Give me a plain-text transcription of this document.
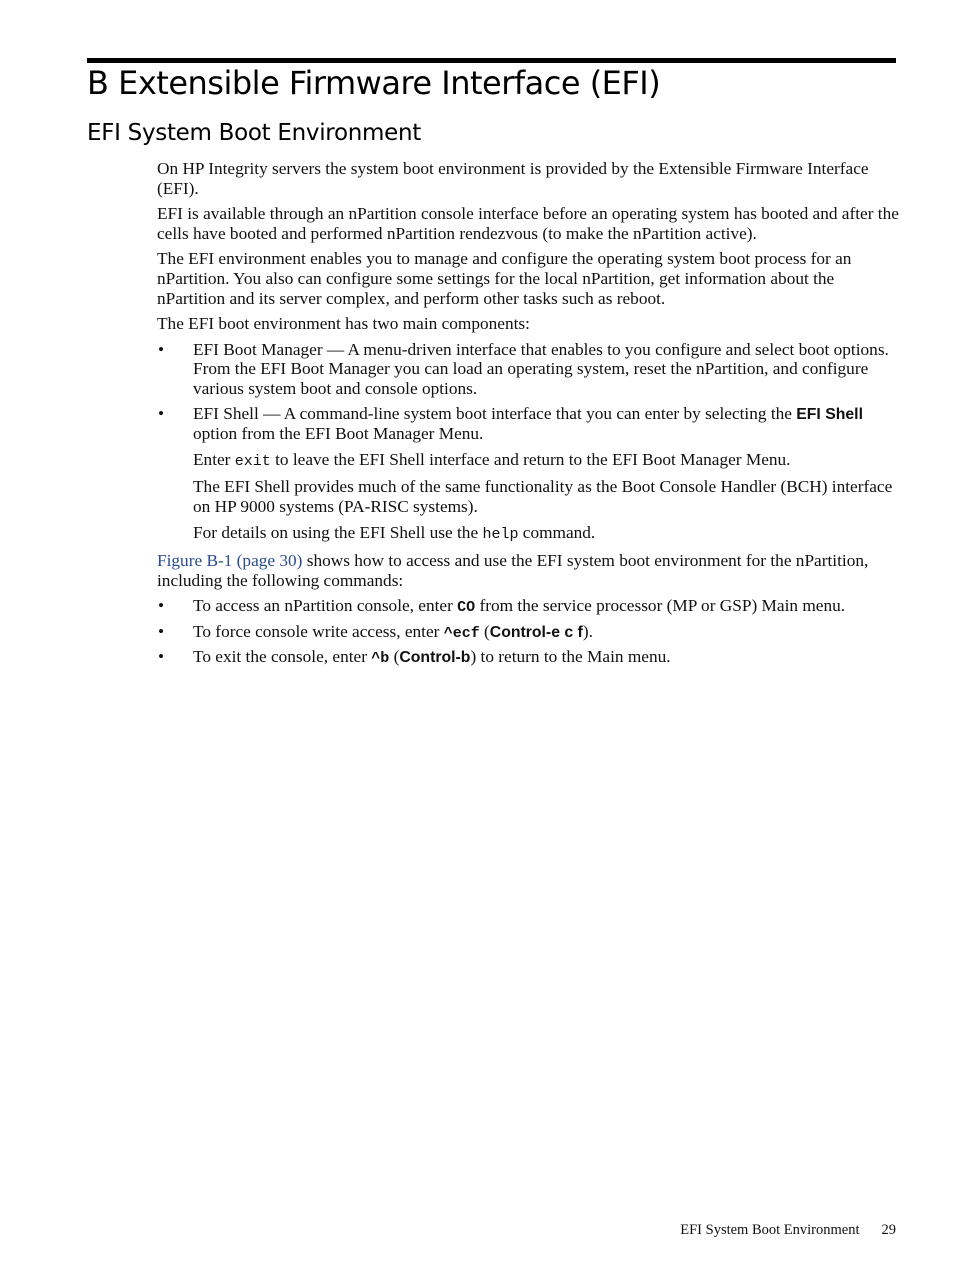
B Extensible Firmware Interface (EFI)
EFI System Boot Environment

On HP Integrity servers the system boot environment is provided by the Extensible Firmware Interface (EFI).

EFI is available through an nPartition console interface before an operating system has booted and after the cells have booted and performed nPartition rendezvous (to make the nPartition active).

The EFI environment enables you to manage and configure the operating system boot process for an nPartition. You also can configure some settings for the local nPartition, get information about the nPartition and its server complex, and perform other tasks such as reboot.

The EFI boot environment has two main components:

• EFI Boot Manager — A menu-driven interface that enables to you configure and select boot options. From the EFI Boot Manager you can load an operating system, reset the nPartition, and configure various system boot and console options.

• EFI Shell — A command-line system boot interface that you can enter by selecting the EFI Shell option from the EFI Boot Manager Menu.

Enter exit to leave the EFI Shell interface and return to the EFI Boot Manager Menu.

The EFI Shell provides much of the same functionality as the Boot Console Handler (BCH) interface on HP 9000 systems (PA-RISC systems).

For details on using the EFI Shell use the help command.

Figure B-1 (page 30) shows how to access and use the EFI system boot environment for the nPartition, including the following commands:

• To access an nPartition console, enter CO from the service processor (MP or GSP) Main menu.
• To force console write access, enter ^ecf (Control-e c f).
• To exit the console, enter ^b (Control-b) to return to the Main menu.
EFI System Boot Environment 29
